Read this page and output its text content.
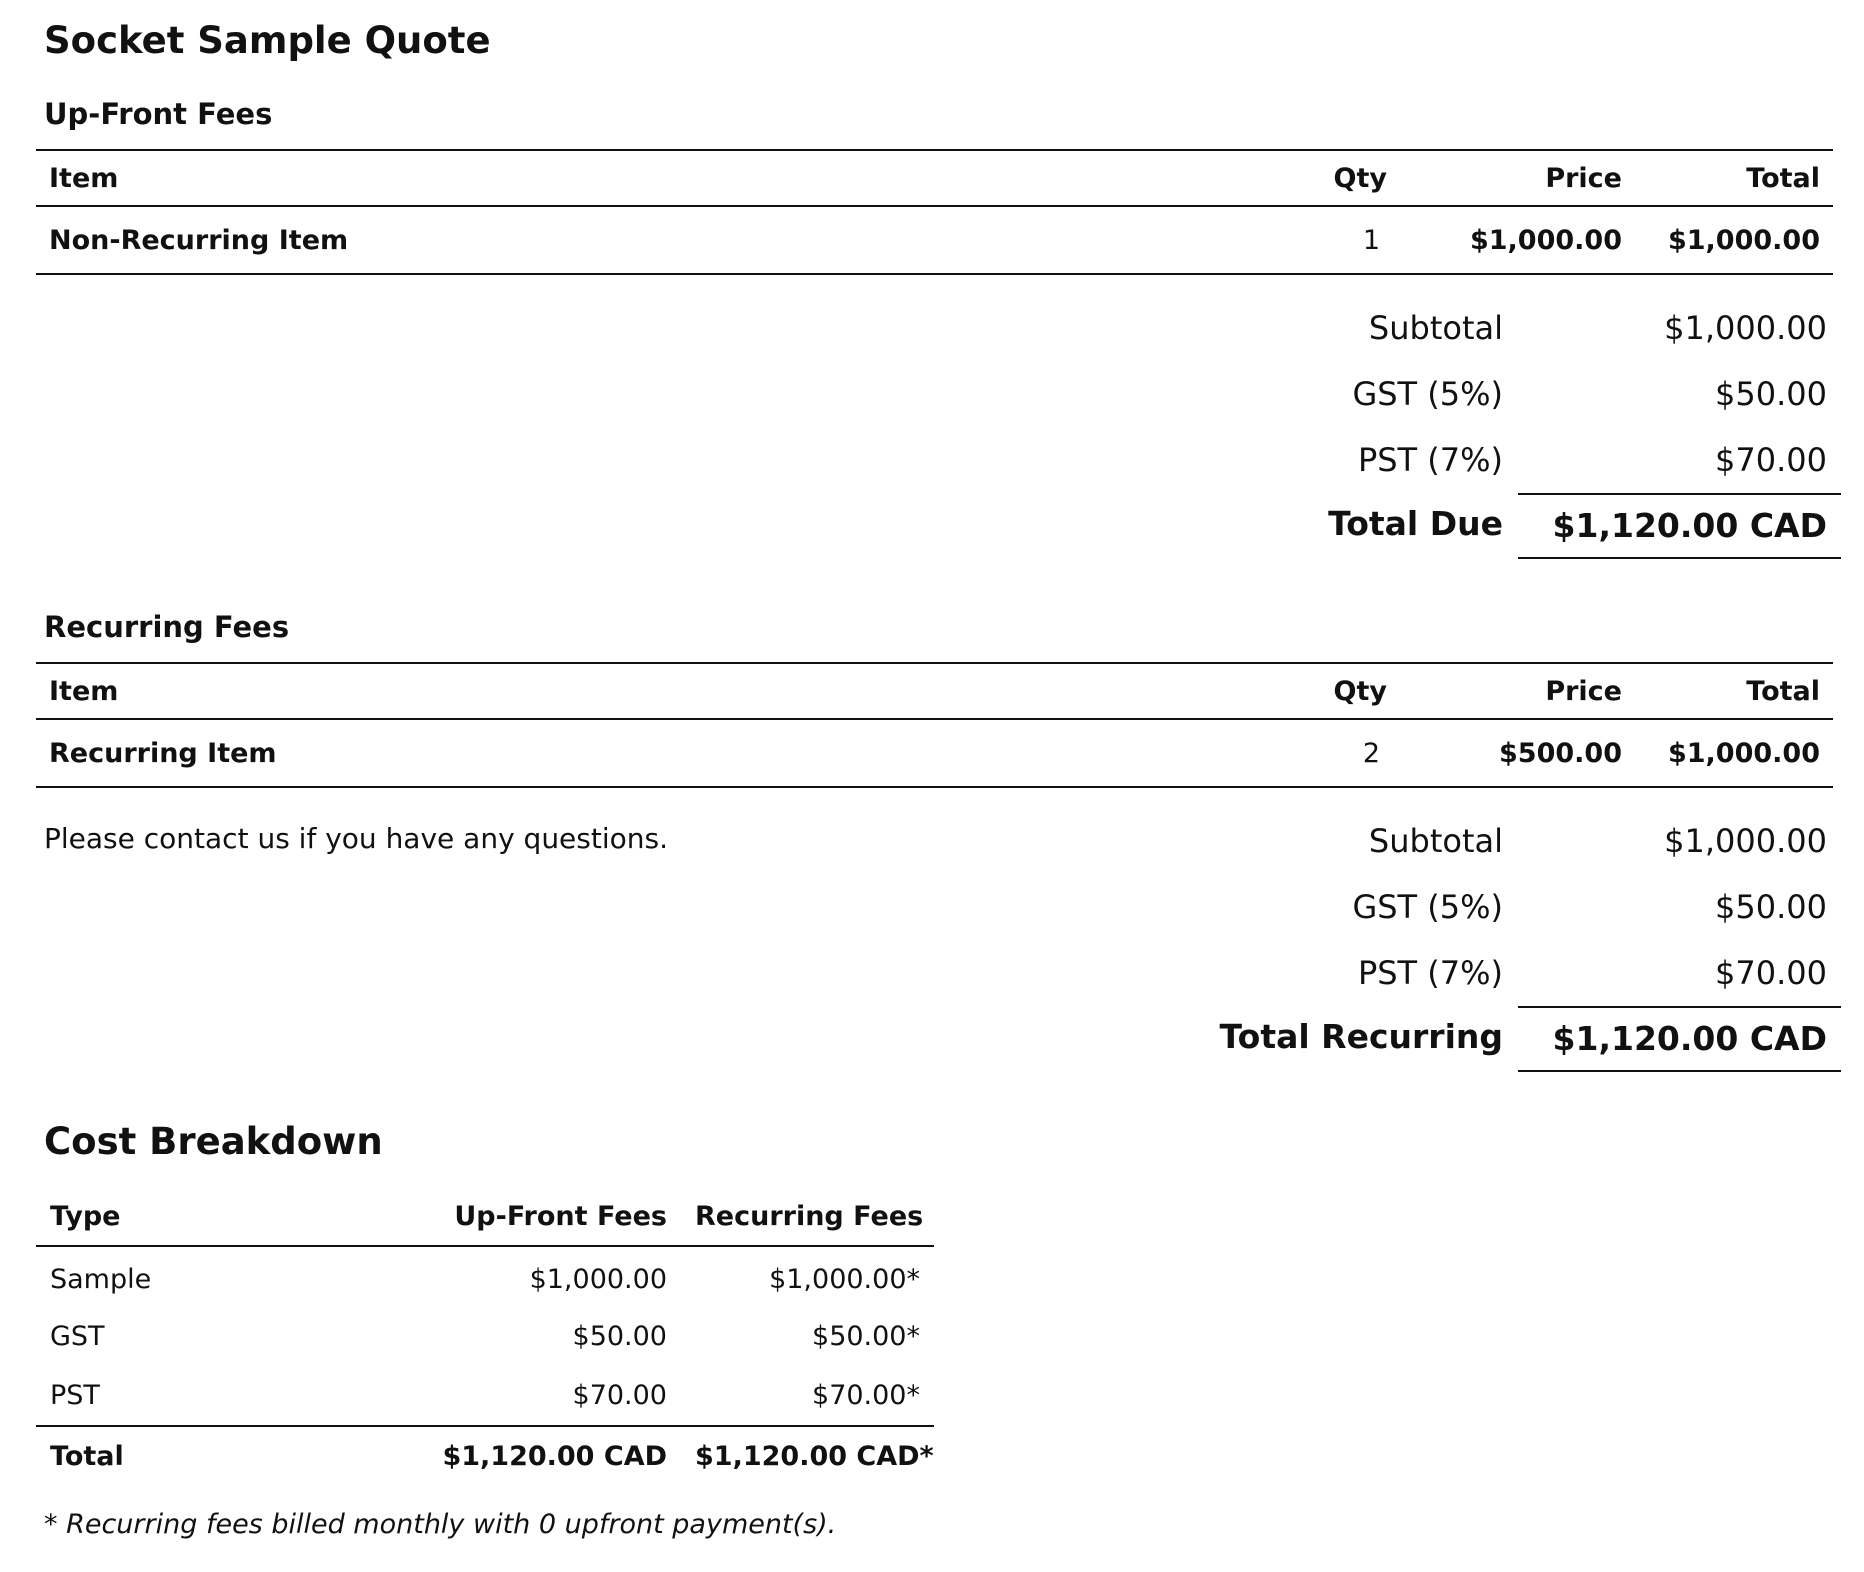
Socket Sample Quote
Up-Front Fees
Item	Qty	Price	Total
Non-Recurring Item	1	$1,000.00	$1,000.00
Subtotal	$1,000.00
GST (5%)	$50.00
PST (7%)	$70.00
Total Due	$1,120.00 CAD
Recurring Fees
Item	Qty	Price	Total
Recurring Item	2	$500.00	$1,000.00

Please contact us if you have any questions.	Subtotal	$1,000.00
GST (5%)	$50.00
PST (7%)	$70.00
Total Recurring	$1,120.00 CAD
Cost Breakdown
Type	Up-Front Fees	Recurring Fees
Sample	$1,000.00	$1,000.00*
GST	$50.00	$50.00*
PST	$70.00	$70.00*
Total	$1,120.00 CAD	$1,120.00 CAD*

* Recurring fees billed monthly with 0 upfront payment(s).
